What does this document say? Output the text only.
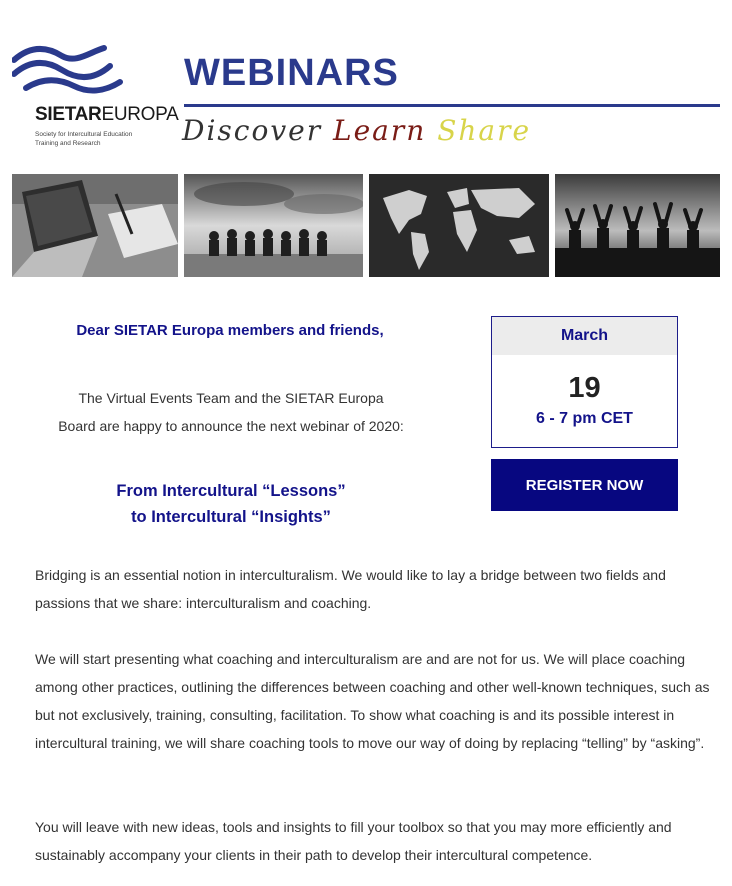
SIETAREUROPA
Society for Intercultural Education
Training and Research
WEBINARS
Discover Learn Share
Dear SIETAR Europa members and friends,
The Virtual Events Team and the SIETAR Europa
Board are happy to announce the next webinar of 2020:
From Intercultural “Lessons”
to Intercultural “Insights”
March
19
6 - 7 pm CET
REGISTER NOW

Bridging is an essential notion in interculturalism. We would like to lay a bridge between two fields and passions that we share: interculturalism and coaching.

We will start presenting what coaching and interculturalism are and are not for us. We will place coaching among other practices, outlining the differences between coaching and other well-known techniques, such as but not exclusively, training, consulting, facilitation. To show what coaching is and its possible interest in intercultural training, we will share coaching tools to move our way of doing by replacing “telling” by “asking”.

You will leave with new ideas, tools and insights to fill your toolbox so that you may more efficiently and sustainably accompany your clients in their path to develop their intercultural competence.
